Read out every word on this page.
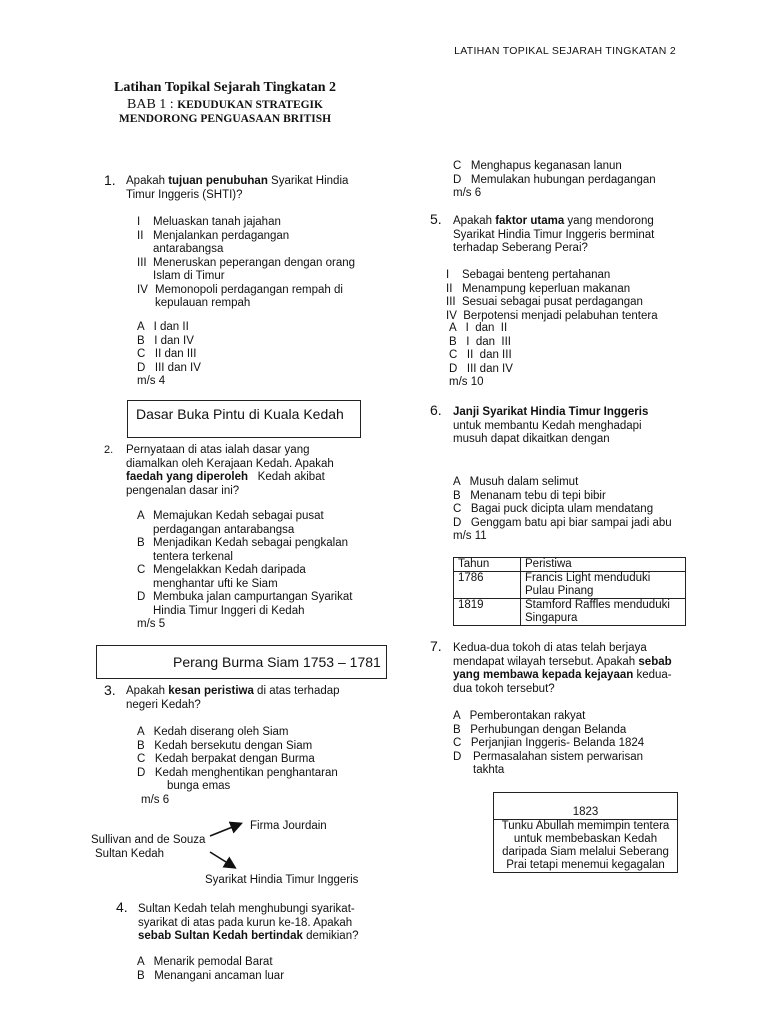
LATIHAN TOPIKAL SEJARAH TINGKATAN 2
Latihan Topikal Sejarah Tingkatan 2
BAB 1 : KEDUDUKAN STRATEGIK
MENDORONG PENGUASAAN BRITISH
1. Apakah tujuan penubuhan Syarikat Hindia Timur Inggeris (SHTI)?
I	Meluaskan tanah jajahan
II Menjalankan perdagangan antarabangsa
III Meneruskan peperangan dengan orang Islam di Timur
IV Memonopoli perdagangan rempah di kepulauan rempah
A   I dan II
B   I dan IV
C   II dan III
D   III dan IV
m/s 4
Dasar Buka Pintu di Kuala Kedah
2. Pernyataan di atas ialah dasar yang diamalkan oleh Kerajaan Kedah. Apakah faedah yang diperoleh   Kedah akibat pengenalan dasar ini?
A Memajukan Kedah sebagai pusat perdagangan antarabangsa
B Menjadikan Kedah sebagai pengkalan tentera terkenal
C Mengelakkan Kedah daripada menghantar ufti ke Siam
D Membuka jalan campurtangan Syarikat Hindia Timur Inggeri di Kedah
m/s 5
Perang Burma Siam 1753 – 1781
3. Apakah kesan peristiwa di atas terhadap negeri Kedah?
A   Kedah diserang oleh Siam
B   Kedah bersekutu dengan Siam
C   Kedah berpakat dengan Burma
D   Kedah menghentikan penghantaran
bunga emas
m/s 6
Sullivan and de Souza
Sultan Kedah
Firma Jourdain
Syarikat Hindia Timur Inggeris
4. Sultan Kedah telah menghubungi syarikat-syarikat di atas pada kurun ke-18. Apakah sebab Sultan Kedah bertindak demikian?
A   Menarik pemodal Barat
B   Menangani ancaman luar
C   Menghapus keganasan lanun
D   Memulakan hubungan perdagangan
m/s 6
5. Apakah faktor utama yang mendorong Syarikat Hindia Timur Inggeris berminat terhadap Seberang Perai?
I    Sebagai benteng pertahanan
II   Menampung keperluan makanan
III  Sesuai sebagai pusat perdagangan
IV  Berpotensi menjadi pelabuhan tentera
A   I  dan  II
B   I  dan  III
C   II  dan III
D   III dan IV
m/s 10
6. Janji Syarikat Hindia Timur Inggeris untuk membantu Kedah menghadapi musuh dapat dikaitkan dengan
A   Musuh dalam selimut
B   Menanam tebu di tepi bibir
C   Bagai puck dicipta ulam mendatang
D   Genggam batu api biar sampai jadi abu
m/s 11
Tahun	Peristiwa
1786	Francis Light menduduki Pulau Pinang
1819	Stamford Raffles menduduki Singapura
7. Kedua-dua tokoh di atas telah berjaya mendapat wilayah tersebut. Apakah sebab yang membawa kepada kejayaan kedua-dua tokoh tersebut?
A   Pemberontakan rakyat
B   Perhubungan dengan Belanda
C   Perjanjian Inggeris- Belanda 1824
D	Permasalahan sistem perwarisan takhta
1823
Tunku Abullah memimpin tentera untuk membebaskan Kedah daripada Siam melalui Seberang Prai tetapi menemui kegagalan
